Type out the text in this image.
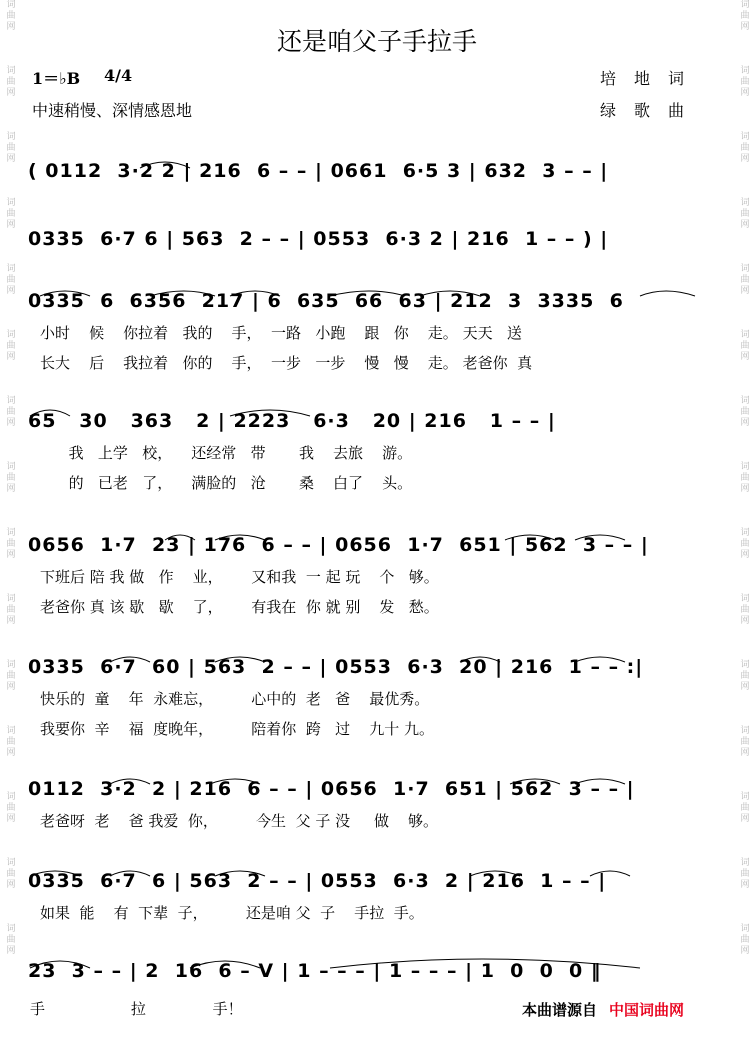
词
曲
网

词
曲
网

词
曲
网

词
曲
网

词
曲
网

词
曲
网

词
曲
网

词
曲
网

词
曲
网

词
曲
网

词
曲
网

词
曲
网

词
曲
网

词
曲
网

词
曲
网
词
曲
网

词
曲
网

词
曲
网

词
曲
网

词
曲
网

词
曲
网

词
曲
网

词
曲
网

词
曲
网

词
曲
网

词
曲
网

词
曲
网

词
曲
网

词
曲
网

词
曲
网
还是咱父子手拉手
1＝♭B 4/4
中速稍慢、深情感恩地
培地词
绿歌曲
( 0112  3·2 2 | 216  6 – – | 0661  6·5 3 | 632  3 – – |
0335  6·7 6 | 563  2 – – | 0553  6·3 2 | 216  1 – – ) |
0335  6  6356  217 | 6  635  66  63 | 212  3  3335  6
小时    候    你拉着   我的    手，  一路   小跑    跟   你    走。 天天   送
长大    后    我拉着   你的    手，  一步   一步    慢   慢    走。 老爸你  真
65   30   363   2 | 2223   6·3   20 | 216   1 – – |
我   上学   校，    还经常   带       我    去旅    游。
的   已老   了，    满脸的   沧       桑    白了    头。
0656  1·7  23 | 176  6 – – | 0656  1·7  651 | 562  3 – – |
下班后 陪 我 做   作    业，      又和我  一 起 玩    个   够。
老爸你 真 该 歇   歇    了，      有我在  你 就 别    发   愁。
0335  6·7  60 | 563  2 – – | 0553  6·3  20 | 216  1 – – :|
快乐的  童    年  永难忘，        心中的  老   爸    最优秀。
我要你  辛    福  度晚年，        陪着你  跨   过    九十 九。
0112  3·2  2 | 216  6 – – | 0656  1·7  651 | 562  3 – – |
老爸呀  老    爸 我爱  你，        今生  父 子 没     做    够。
0335  6·7  6 | 563  2 – – | 0553  6·3  2 | 216  1 – – |
如果  能    有  下辈  子，        还是咱 父  子    手拉  手。
23  3 – – | 2  16  6 – V | 1 – – – | 1 – – – | 1  0  0  0 ‖
手                  拉              手！	本曲谱源自 中国词曲网
